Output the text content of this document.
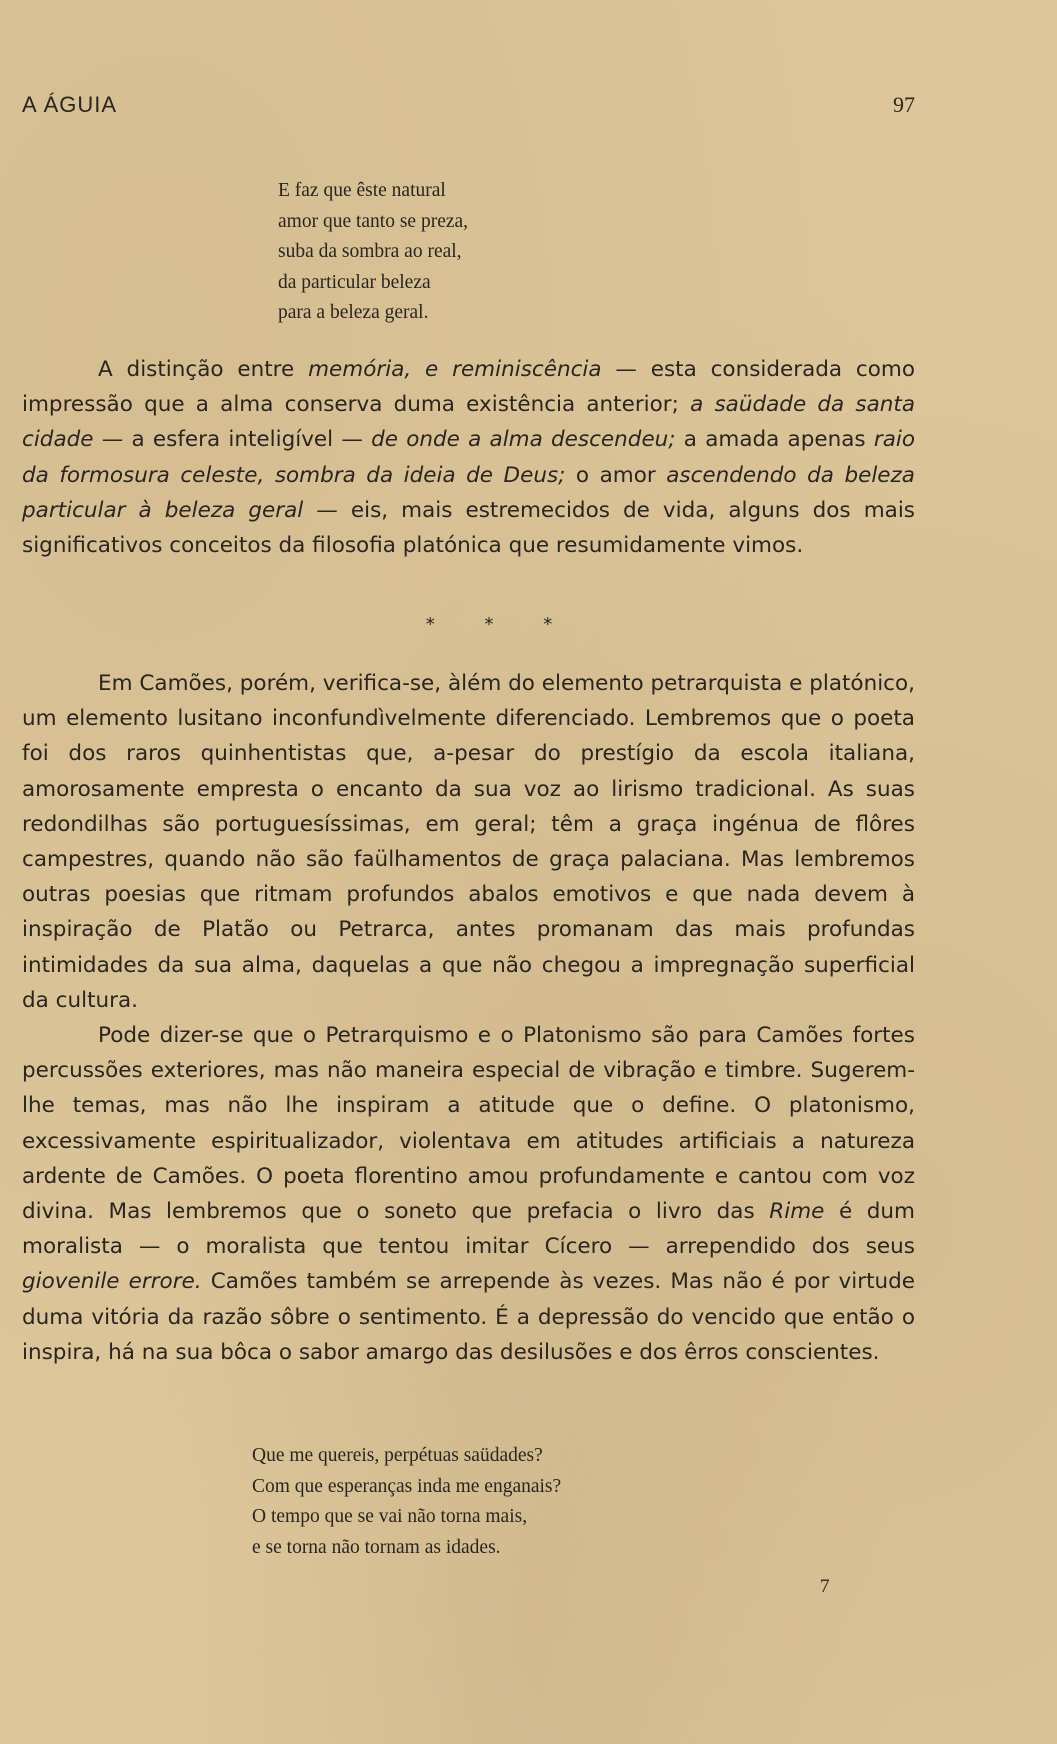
A ÁGUIA	97
E faz que êste natural
amor que tanto se preza,
suba da sombra ao real,
da particular beleza
para a beleza geral.

A distinção entre memória, e reminiscência — esta considerada como impressão que a alma conserva duma existência anterior; a saüdade da santa cidade — a esfera inteligível — de onde a alma descendeu; a amada apenas raio da formosura celeste, sombra da ideia de Deus; o amor ascendendo da beleza particular à beleza geral — eis, mais estremecidos de vida, alguns dos mais significativos conceitos da filosofia platónica que resumidamente vimos.

* * *

Em Camões, porém, verifica-se, àlém do elemento petrarquista e platónico, um elemento lusitano inconfundìvelmente diferenciado. Lembremos que o poeta foi dos raros quinhentistas que, a-pesar do prestígio da escola italiana, amorosamente empresta o encanto da sua voz ao lirismo tradicional. As suas redondilhas são portuguesíssimas, em geral; têm a graça ingénua de flôres campestres, quando não são faülhamentos de graça palaciana. Mas lembremos outras poesias que ritmam profundos abalos emotivos e que nada devem à inspiração de Platão ou Petrarca, antes promanam das mais profundas intimidades da sua alma, daquelas a que não chegou a impregnação superficial da cultura.

Pode dizer-se que o Petrarquismo e o Platonismo são para Camões fortes percussões exteriores, mas não maneira especial de vibração e timbre. Sugerem-lhe temas, mas não lhe inspiram a atitude que o define. O platonismo, excessivamente espiritualizador, violentava em atitudes artificiais a natureza ardente de Camões. O poeta florentino amou profundamente e cantou com voz divina. Mas lembremos que o soneto que prefacia o livro das Rime é dum moralista — o moralista que tentou imitar Cícero — arrependido dos seus giovenile errore. Camões também se arrepende às vezes. Mas não é por virtude duma vitória da razão sôbre o sentimento. É a depressão do vencido que então o inspira, há na sua bôca o sabor amargo das desilusões e dos êrros conscientes.

Que me quereis, perpétuas saüdades?
Com que esperanças inda me enganais?
O tempo que se vai não torna mais,
e se torna não tornam as idades.
7
